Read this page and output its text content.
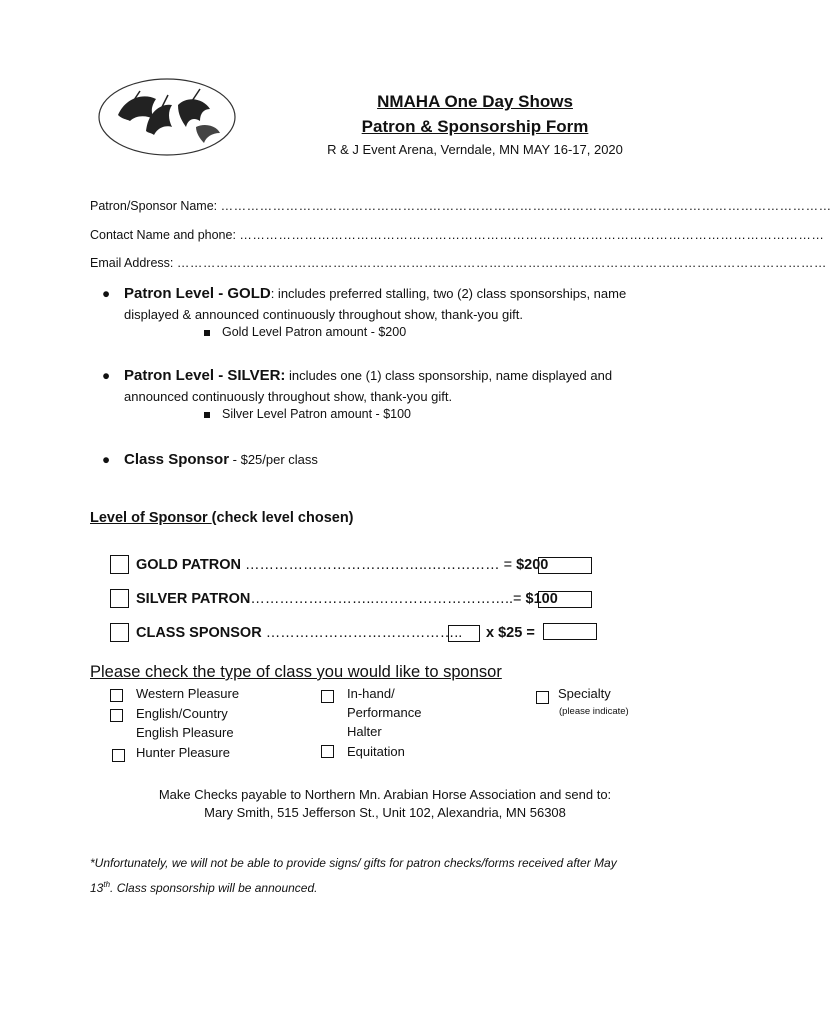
NMAHA One Day Shows
Patron & Sponsorship Form
R & J Event Arena, Verndale, MN MAY 16-17, 2020
Patron/Sponsor Name: ……………………………………………………………………………………………………………………………
Contact Name and phone: ………………………………………………………………………………………………………………………
Email Address: ……………………………………………………………………………………………………………………………………
● Patron Level - GOLD: includes preferred stalling, two (2) class sponsorships, name
displayed & announced continuously throughout show, thank-you gift.
Gold Level Patron amount - $200
● Patron Level - SILVER: includes one (1) class sponsorship, name displayed and
announced continuously throughout show, thank-you gift.
Silver Level Patron amount - $100
● Class Sponsor - $25/per class
Level of Sponsor (check level chosen)
GOLD PATRON ………………………………..…………… = $200
SILVER PATRON……………………..………………………..= $100
CLASS SPONSOR ………………………………….. x $25 =
Please check the type of class you would like to sponsor
Western Pleasure
English/Country
English Pleasure
Hunter Pleasure
In-hand/
Performance
Halter
Equitation
Specialty
(please indicate)
Make Checks payable to Northern Mn. Arabian Horse Association and send to:
Mary Smith, 515 Jefferson St., Unit 102, Alexandria, MN 56308
*Unfortunately, we will not be able to provide signs/ gifts for patron checks/forms received after May
13th. Class sponsorship will be announced.
